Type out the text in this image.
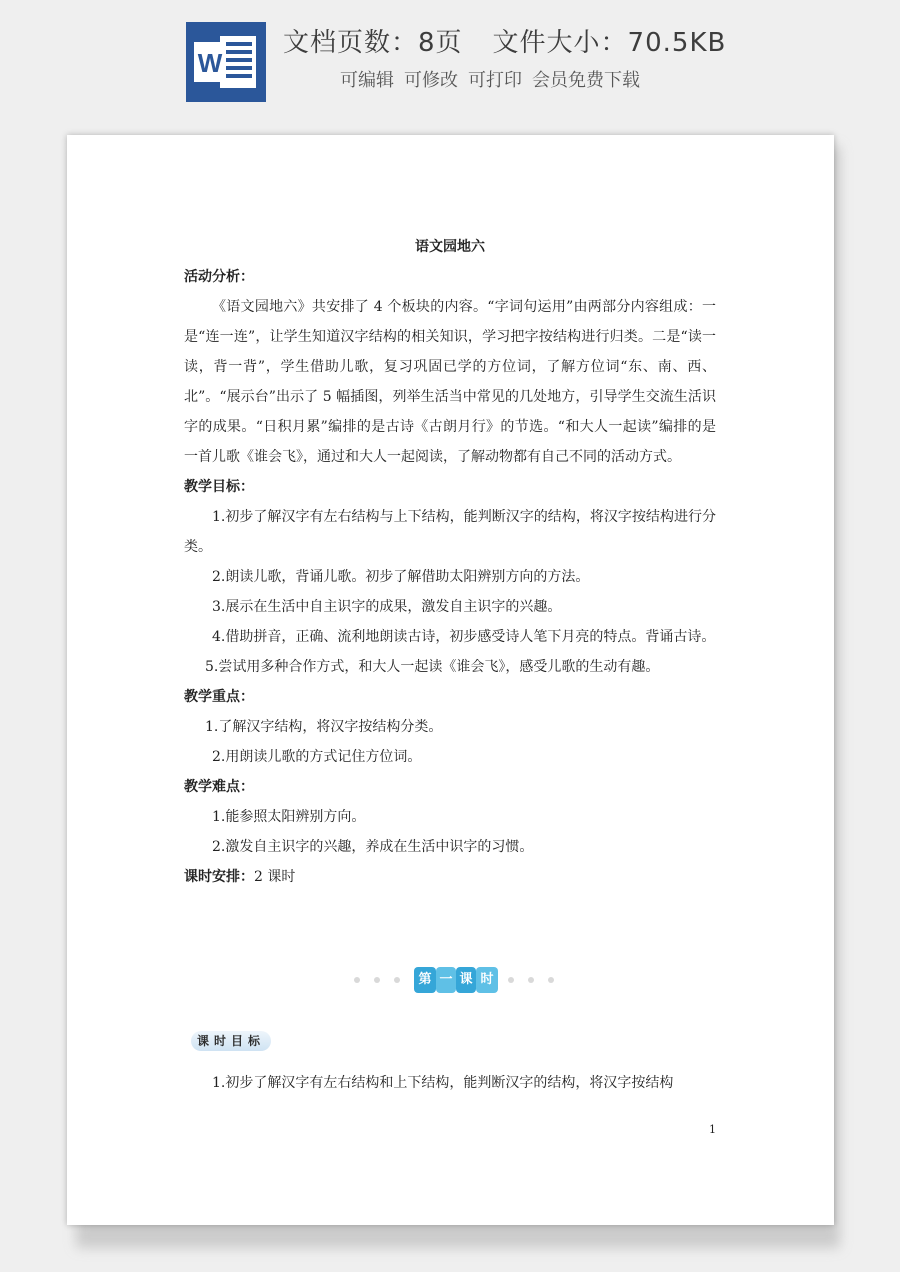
W
文档页数：8页 文件大小：70.5KB
可编辑 可修改 可打印 会员免费下载
语文园地六
活动分析：

《语文园地六》共安排了 4 个板块的内容。“字词句运用”由两部分内容组成：一是“连一连”，让学生知道汉字结构的相关知识，学习把字按结构进行归类。二是“读一读，背一背”，学生借助儿歌，复习巩固已学的方位词，了解方位词“东、南、西、北”。“展示台”出示了 5 幅插图，列举生活当中常见的几处地方，引导学生交流生活识字的成果。“日积月累”编排的是古诗《古朗月行》的节选。“和大人一起读”编排的是一首儿歌《谁会飞》，通过和大人一起阅读，了解动物都有自己不同的活动方式。

教学目标：

1.初步了解汉字有左右结构与上下结构，能判断汉字的结构，将汉字按结构进行分类。

2.朗读儿歌，背诵儿歌。初步了解借助太阳辨别方向的方法。

3.展示在生活中自主识字的成果，激发自主识字的兴趣。

4.借助拼音，正确、流利地朗读古诗，初步感受诗人笔下月亮的特点。背诵古诗。

5.尝试用多种合作方式，和大人一起读《谁会飞》，感受儿歌的生动有趣。

教学重点：

1.了解汉字结构，将汉字按结构分类。

2.用朗读儿歌的方式记住方位词。

教学难点：

1.能参照太阳辨别方向。

2.激发自主识字的兴趣，养成在生活中识字的习惯。

课时安排：2 课时
第 一 课 时
课时目标
1.初步了解汉字有左右结构和上下结构，能判断汉字的结构，将汉字按结构
1
